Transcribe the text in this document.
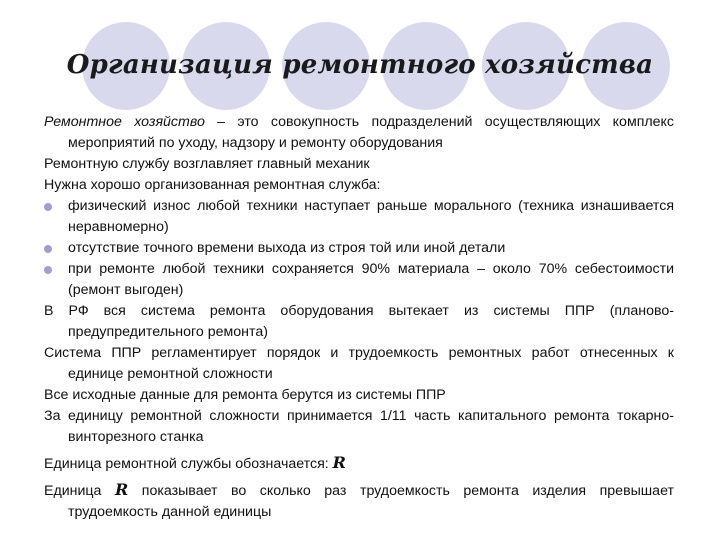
Организация ремонтного хозяйства

Ремонтное хозяйство – это совокупность подразделений осуществляющих комплекс мероприятий по уходу, надзору и ремонту оборудования

Ремонтную службу возглавляет главный механик

Нужна хорошо организованная ремонтная служба:

физический износ любой техники наступает раньше морального (техника изнашивается неравномерно)
отсутствие точного времени выхода из строя той или иной детали
при ремонте любой техники сохраняется 90% материала – около 70% себестоимости (ремонт выгоден)

В РФ вся система ремонта оборудования вытекает из системы ППР (планово-предупредительного ремонта)

Система ППР регламентирует порядок и трудоемкость ремонтных работ отнесенных к единице ремонтной сложности

Все исходные данные для ремонта берутся из системы ППР

За единицу ремонтной сложности принимается 1/11 часть капитального ремонта токарно-винторезного станка

Единица ремонтной службы обозначается: R

Единица R показывает во сколько раз трудоемкость ремонта изделия превышает трудоемкость данной единицы
